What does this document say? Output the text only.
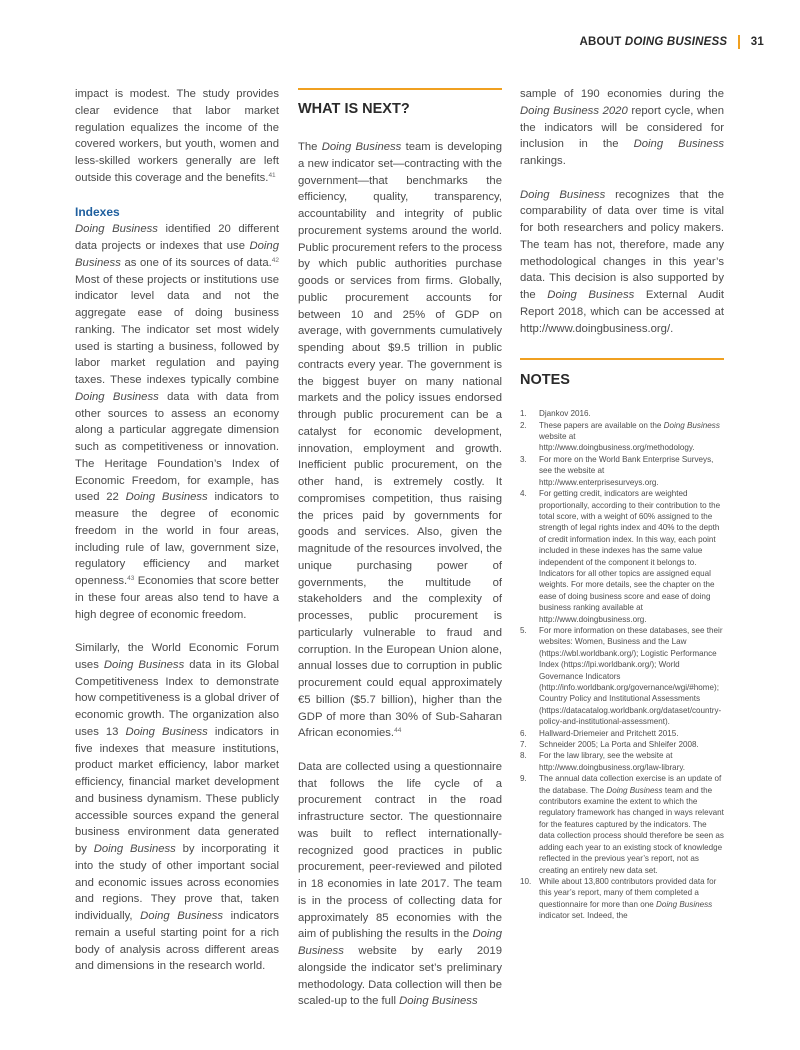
ABOUT DOING BUSINESS 31

impact is modest. The study provides clear evidence that labor market regulation equalizes the income of the covered workers, but youth, women and less-skilled workers generally are left outside this coverage and the benefits.$^{41}$

Indexes

Doing Business identified 20 different data projects or indexes that use Doing Business as one of its sources of data.$^{42}$ Most of these projects or institutions use indicator level data and not the aggregate ease of doing business ranking. The indicator set most widely used is starting a business, followed by labor market regulation and paying taxes. These indexes typically combine Doing Business data with data from other sources to assess an economy along a particular aggregate dimension such as competitiveness or innovation. The Heritage Foundation’s Index of Economic Freedom, for example, has used 22 Doing Business indicators to measure the degree of economic freedom in the world in four areas, including rule of law, government size, regulatory efficiency and market openness.$^{43}$ Economies that score better in these four areas also tend to have a high degree of economic freedom.

Similarly, the World Economic Forum uses Doing Business data in its Global Competitiveness Index to demonstrate how competitiveness is a global driver of economic growth. The organization also uses 13 Doing Business indicators in five indexes that measure institutions, product market efficiency, labor market efficiency, financial market development and business dynamism. These publicly accessible sources expand the general business environment data generated by Doing Business by incorporating it into the study of other important social and economic issues across economies and regions. They prove that, taken individually, Doing Business indicators remain a useful starting point for a rich body of analysis across different areas and dimensions in the research world.

WHAT IS NEXT?

The Doing Business team is developing a new indicator set—contracting with the government—that benchmarks the efficiency, quality, transparency, accountability and integrity of public procurement systems around the world. Public procurement refers to the process by which public authorities purchase goods or services from firms. Globally, public procurement accounts for between 10 and 25% of GDP on average, with governments cumulatively spending about $9.5 trillion in public contracts every year. The government is the biggest buyer on many national markets and the policy issues endorsed through public procurement can be a catalyst for economic development, innovation, employment and growth. Inefficient public procurement, on the other hand, is extremely costly. It compromises competition, thus raising the prices paid by governments for goods and services. Also, given the magnitude of the resources involved, the unique purchasing power of governments, the multitude of stakeholders and the complexity of processes, public procurement is particularly vulnerable to fraud and corruption. In the European Union alone, annual losses due to corruption in public procurement could equal approximately €5 billion ($5.7 billion), higher than the GDP of more than 30% of Sub-Saharan African economies.$^{44}$

Data are collected using a questionnaire that follows the life cycle of a procurement contract in the road infrastructure sector. The questionnaire was built to reflect internationally-recognized good practices in public procurement, peer-reviewed and piloted in 18 economies in late 2017. The team is in the process of collecting data for approximately 85 economies with the aim of publishing the results in the Doing Business website by early 2019 alongside the indicator set’s preliminary methodology. Data collection will then be scaled-up to the full Doing Business

sample of 190 economies during the Doing Business 2020 report cycle, when the indicators will be considered for inclusion in the Doing Business rankings.

Doing Business recognizes that the comparability of data over time is vital for both researchers and policy makers. The team has not, therefore, made any methodological changes in this year’s data. This decision is also supported by the Doing Business External Audit Report 2018, which can be accessed at http://www.doingbusiness.org/.

NOTES
1. Djankov 2016.
2. These papers are available on the Doing Business website at http://www.doingbusiness.org/methodology.
3. For more on the World Bank Enterprise Surveys, see the website at http://www.enterprisesurveys.org.
4. For getting credit, indicators are weighted proportionally, according to their contribution to the total score, with a weight of 60% assigned to the strength of legal rights index and 40% to the depth of credit information index. In this way, each point included in these indexes has the same value independent of the component it belongs to. Indicators for all other topics are assigned equal weights. For more details, see the chapter on the ease of doing business score and ease of doing business ranking available at http://www.doingbusiness.org.
5. For more information on these databases, see their websites: Women, Business and the Law (https://wbl.worldbank.org/); Logistic Performance Index (https://lpi.worldbank.org/); World Governance Indicators (http://info.worldbank.org/governance/wgi/#home); Country Policy and Institutional Assessments (https://datacatalog.worldbank.org/dataset/country-policy-and-institutional-assessment).
6. Hallward-Driemeier and Pritchett 2015.
7. Schneider 2005; La Porta and Shleifer 2008.
8. For the law library, see the website at http://www.doingbusiness.org/law-library.
9. The annual data collection exercise is an update of the database. The Doing Business team and the contributors examine the extent to which the regulatory framework has changed in ways relevant for the features captured by the indicators. The data collection process should therefore be seen as adding each year to an existing stock of knowledge reflected in the previous year’s report, not as creating an entirely new data set.
10. While about 13,800 contributors provided data for this year’s report, many of them completed a questionnaire for more than one Doing Business indicator set. Indeed, the
